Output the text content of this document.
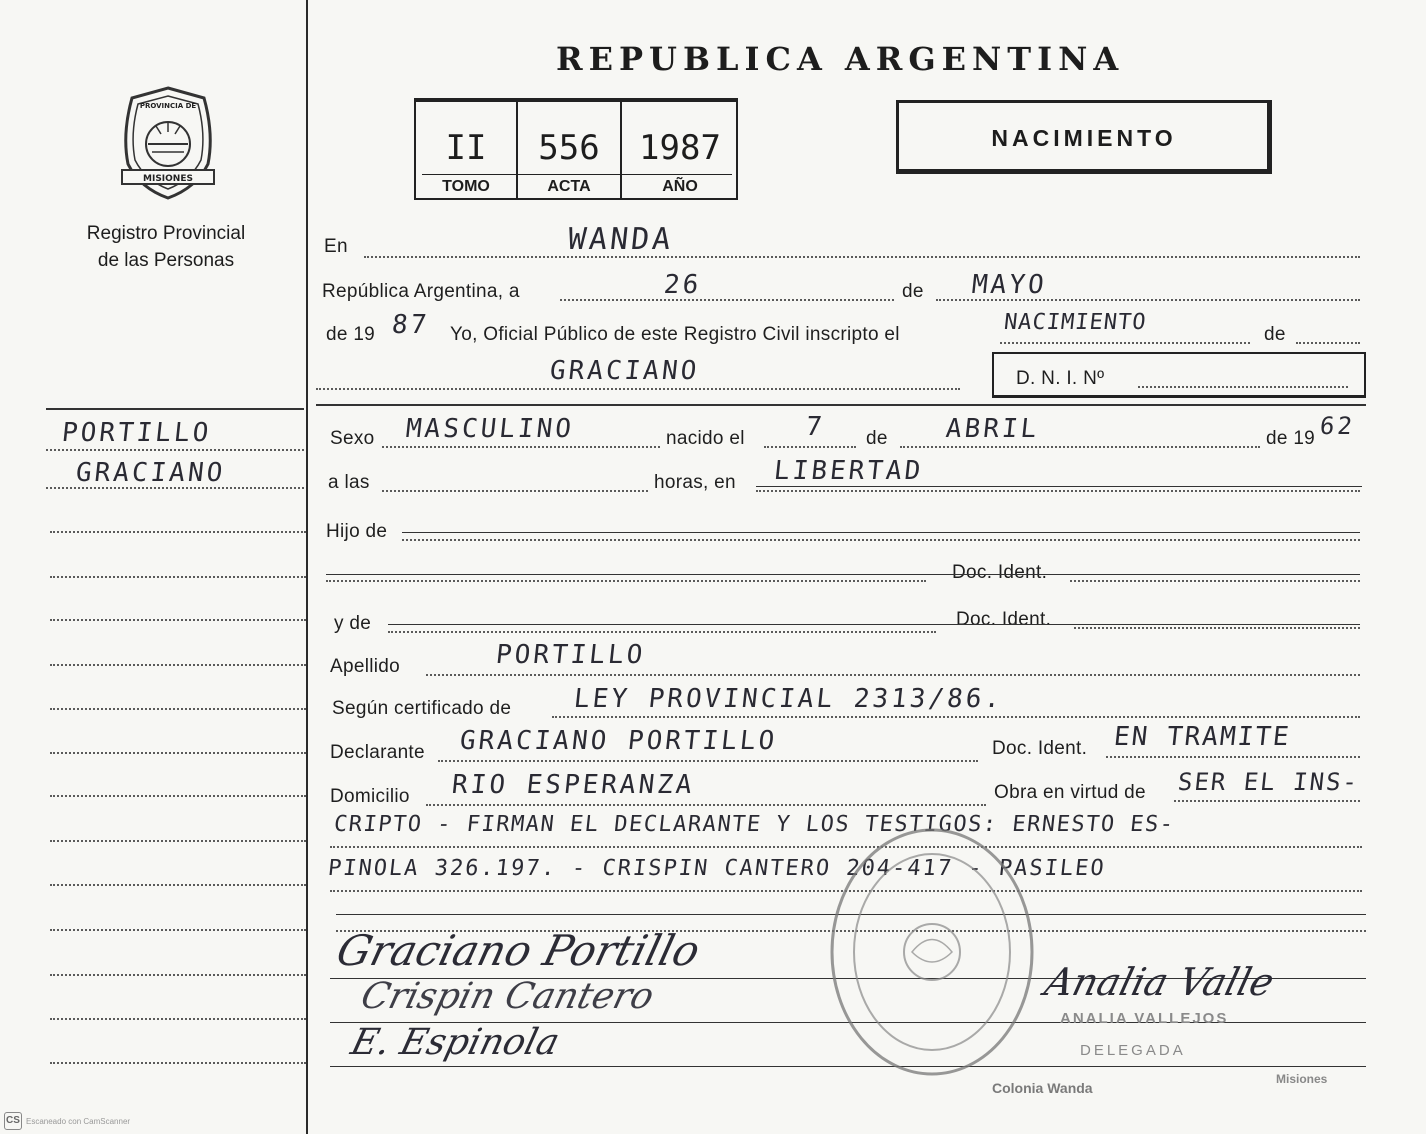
MISIONES
PROVINCIA DE
Registro Provincial
de las Personas
REPUBLICA ARGENTINA
II	556	1987
TOMO	ACTA	AÑO
NACIMIENTO
PORTILLO
GRACIANO
En	WANDA
República Argentina, a	26	de MAYO
de 19 87 Yo, Oficial Público de este Registro Civil inscripto el	NACIMIENTO	de
GRACIANO	D. N. I. Nº
Sexo MASCULINO	nacido el 7 de ABRIL	de 19 62
a las	horas, en LIBERTAD
Hijo de
Doc. Ident.
y de	Doc. Ident.
Apellido	PORTILLO
Según certificado de LEY PROVINCIAL 2313/86.
Declarante GRACIANO PORTILLO	Doc. Ident. EN TRAMITE
Domicilio RIO ESPERANZA	Obra en virtud de SER EL INS-
CRIPTO - FIRMAN EL DECLARANTE Y LOS TESTIGOS: ERNESTO ES-
PINOLA 326.197. - CRISPIN CANTERO 204-417 - PASILEO
Graciano Portillo
Crispin Cantero
E. Espinola
Analia Valle
ANALIA VALLEJOS
DELEGADA
Colonia Wanda
Misiones
CS Escaneado con CamScanner
